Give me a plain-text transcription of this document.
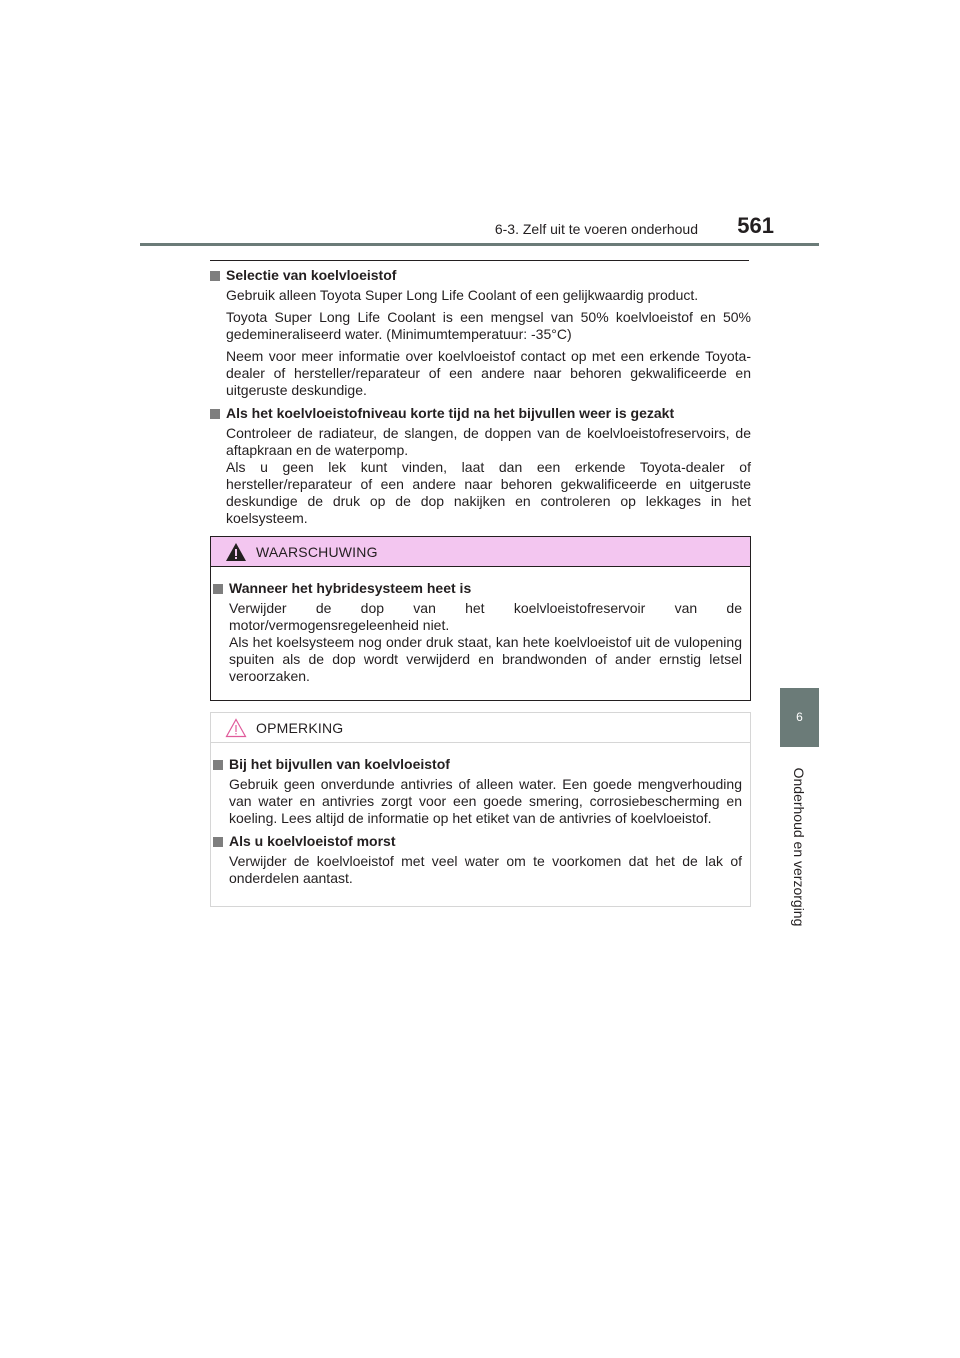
6-3. Zelf uit te voeren onderhoud	561
6
Onderhoud en verzorging
Selectie van koelvloeistof

Gebruik alleen Toyota Super Long Life Coolant of een gelijkwaardig product.

Toyota Super Long Life Coolant is een mengsel van 50% koelvloeistof en 50% gedemineraliseerd water. (Minimumtemperatuur: -35°C)

Neem voor meer informatie over koelvloeistof contact op met een erkende Toyota-dealer of hersteller/reparateur of een andere naar behoren gekwalificeerde en uitgeruste deskundige.

Als het koelvloeistofniveau korte tijd na het bijvullen weer is gezakt

Controleer de radiateur, de slangen, de doppen van de koelvloeistofreservoirs, de aftapkraan en de waterpomp.

Als u geen lek kunt vinden, laat dan een erkende Toyota-dealer of hersteller/reparateur of een andere naar behoren gekwalificeerde en uitgeruste deskundige de druk op de dop nakijken en controleren op lekkages in het koelsysteem.

WAARSCHUWING
Wanneer het hybridesysteem heet is

Verwijder de dop van het koelvloeistofreservoir van de motor/vermogensregeleenheid niet.

Als het koelsysteem nog onder druk staat, kan hete koelvloeistof uit de vulopening spuiten als de dop wordt verwijderd en brandwonden of ander ernstig letsel veroorzaken.

OPMERKING
Bij het bijvullen van koelvloeistof

Gebruik geen onverdunde antivries of alleen water. Een goede mengverhouding van water en antivries zorgt voor een goede smering, corrosiebescherming en koeling. Lees altijd de informatie op het etiket van de antivries of koelvloeistof.

Als u koelvloeistof morst

Verwijder de koelvloeistof met veel water om te voorkomen dat het de lak of onderdelen aantast.
